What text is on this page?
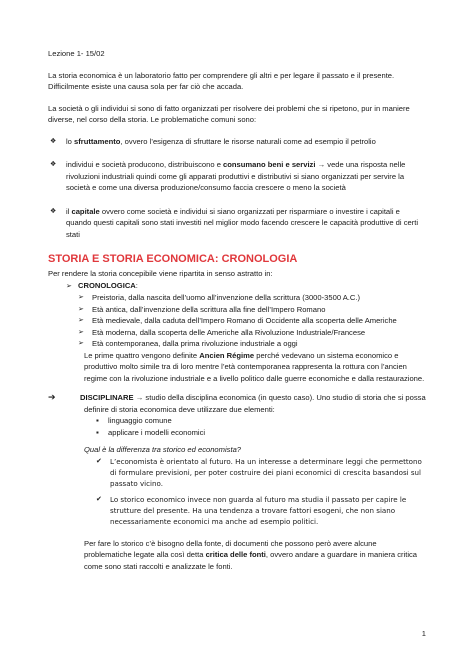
Lezione 1- 15/02

La storia economica è un laboratorio fatto per comprendere gli altri e per legare il passato e il presente. Difficilmente esiste una causa sola per far ciò che accada.

La società o gli individui si sono di fatto organizzati per risolvere dei problemi che si ripetono, pur in maniere diverse, nel corso della storia. Le problematiche comuni sono:

❖ lo sfruttamento, ovvero l’esigenza di sfruttare le risorse naturali come ad esempio il petrolio
❖ individui e società producono, distribuiscono e consumano beni e servizi → vede una risposta nelle rivoluzioni industriali quindi come gli apparati produttivi e distributivi si siano organizzati per servire la società e come una diversa produzione/consumo faccia crescere o meno la società
❖ il capitale ovvero come società e individui si siano organizzati per risparmiare o investire i capitali e quando questi capitali sono stati investiti nel miglior modo facendo crescere le capacità produttive di certi stati
STORIA E STORIA ECONOMICA: CRONOLOGIA

Per rendere la storia concepibile viene ripartita in senso astratto in:

➢ CRONOLOGICA:

➢ Preistoria, dalla nascita dell’uomo all’invenzione della scrittura (3000-3500 A.C.)
➢ Età antica, dall’invenzione della scrittura alla fine dell’Impero Romano
➢ Età medievale, dalla caduta dell’Impero Romano di Occidente alla scoperta delle Americhe
➢ Età moderna, dalla scoperta delle Americhe alla Rivoluzione Industriale/Francese
➢ Età contemporanea, dalla prima rivoluzione industriale a oggi

Le prime quattro vengono definite Ancien Régime perché vedevano un sistema economico e produttivo molto simile tra di loro mentre l’età contemporanea rappresenta la rottura con l’ancien regime con la rivoluzione industriale e a livello politico dalle guerre economiche e dalla restaurazione.

➔	DISCIPLINARE → studio della disciplina economica (in questo caso). Uno studio di storia che si possa definire di storia economica deve utilizzare due elementi:

▪ linguaggio comune
▪ applicare i modelli economici

Qual è la differenza tra storico ed economista?

✔ L’economista è orientato al futuro. Ha un interesse a determinare leggi che permettono di formulare previsioni, per poter costruire dei piani economici di crescita basandosi sul passato vicino.
✔ Lo storico economico invece non guarda al futuro ma studia il passato per capire le strutture del presente. Ha una tendenza a trovare fattori esogeni, che non siano necessariamente economici ma anche ad esempio politici.

Per fare lo storico c’è bisogno della fonte, di documenti che possono però avere alcune problematiche legate alla così detta critica delle fonti, ovvero andare a guardare in maniera critica come sono stati raccolti e analizzate le fonti.

1
